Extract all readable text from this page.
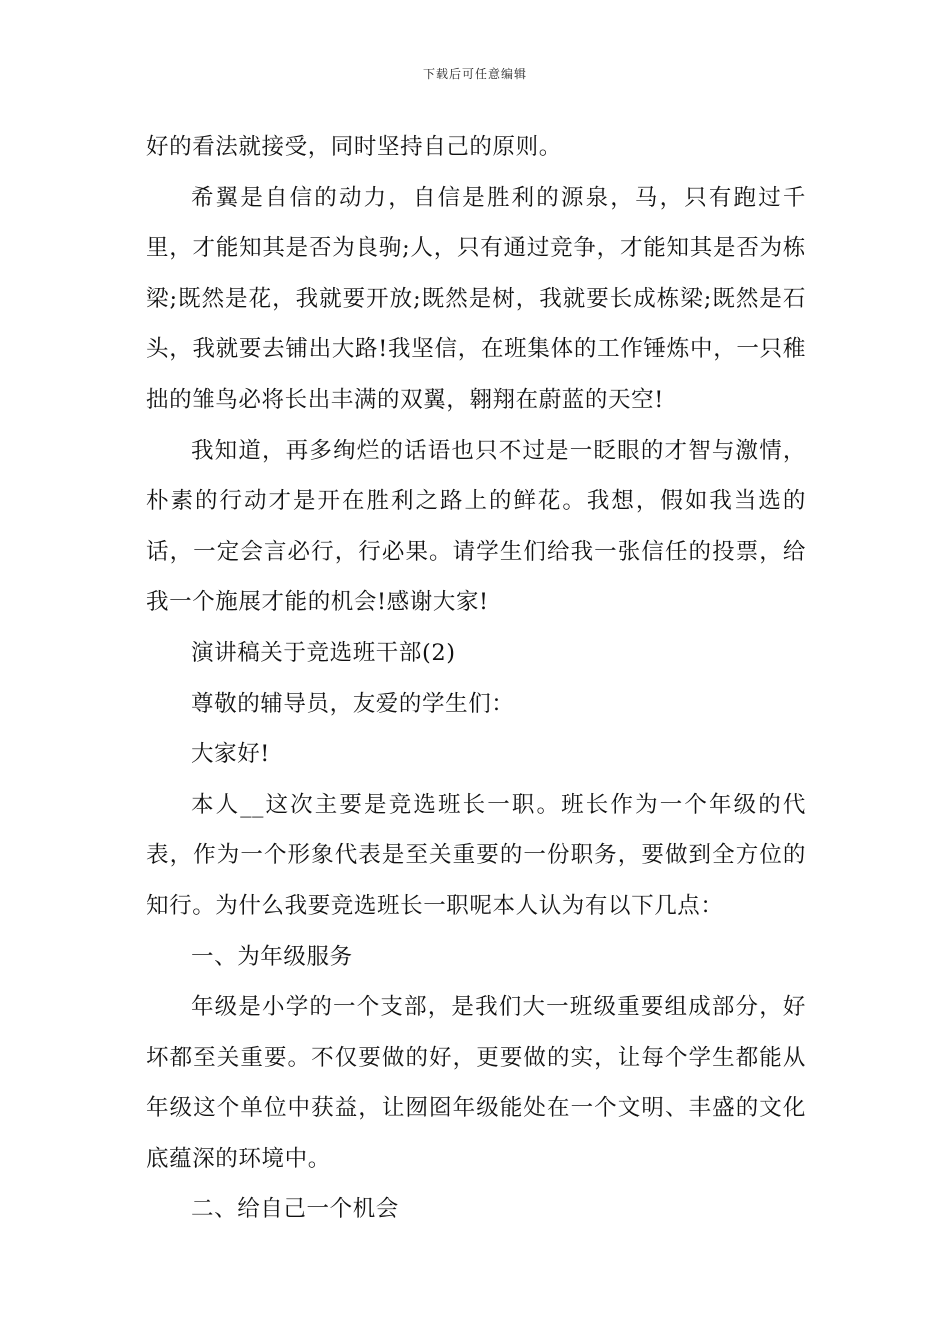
下载后可任意编辑

好的看法就接受，同时坚持自己的原则。

希翼是自信的动力，自信是胜利的源泉，马，只有跑过千里，才能知其是否为良驹;人，只有通过竞争，才能知其是否为栋梁;既然是花，我就要开放;既然是树，我就要长成栋梁;既然是石头，我就要去铺出大路!我坚信，在班集体的工作锤炼中，一只稚拙的雏鸟必将长出丰满的双翼，翱翔在蔚蓝的天空!

我知道，再多绚烂的话语也只不过是一眨眼的才智与激情，朴素的行动才是开在胜利之路上的鲜花。我想，假如我当选的话，一定会言必行，行必果。请学生们给我一张信任的投票，给我一个施展才能的机会!感谢大家!

演讲稿关于竞选班干部(2)

尊敬的辅导员，友爱的学生们：

大家好!

本人__这次主要是竞选班长一职。班长作为一个年级的代表，作为一个形象代表是至关重要的一份职务，要做到全方位的知行。为什么我要竞选班长一职呢本人认为有以下几点：

一、为年级服务

年级是小学的一个支部，是我们大一班级重要组成部分，好坏都至关重要。不仅要做的好，更要做的实，让每个学生都能从年级这个单位中获益，让囫囵年级能处在一个文明、丰盛的文化底蕴深的环境中。

二、给自己一个机会
